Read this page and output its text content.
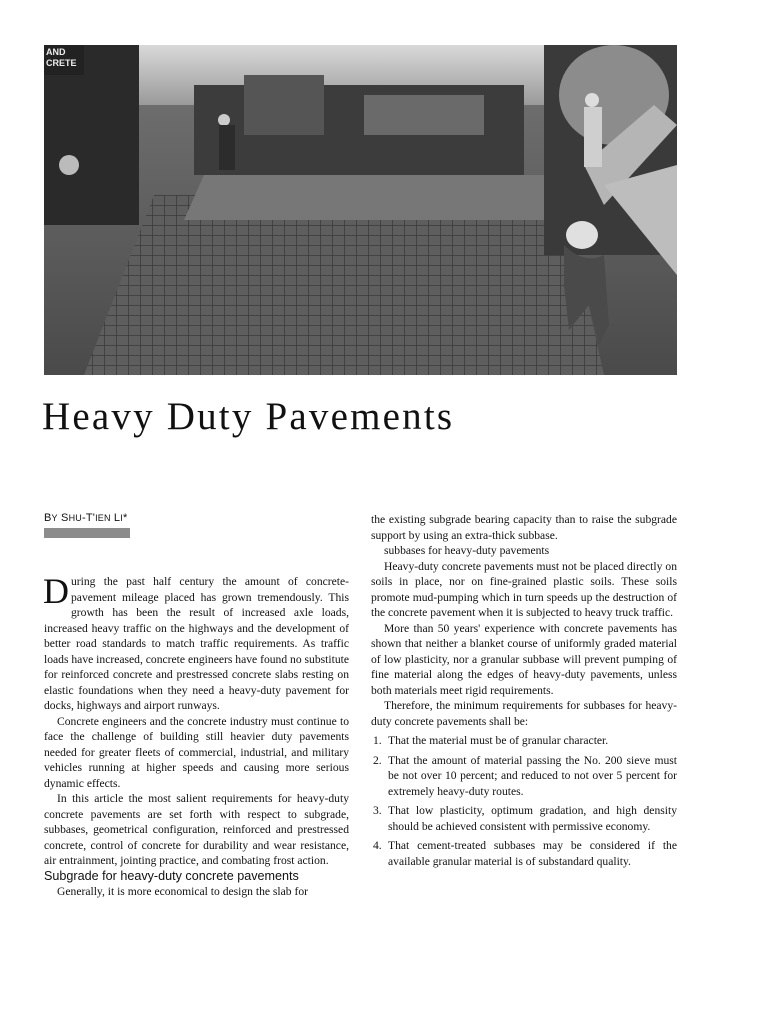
AND
CRETE
Heavy Duty Pavements
BY SHU-T'IEN LI*

During the past half century the amount of concrete-pavement mileage placed has grown tremendously. This growth has been the result of increased axle loads, increased heavy traffic on the highways and the development of better road standards to match traffic requirements. As traffic loads have increased, concrete engineers have found no substitute for reinforced concrete and prestressed concrete slabs resting on elastic foundations when they need a heavy-duty pavement for docks, highways and airport runways.

Concrete engineers and the concrete industry must continue to face the challenge of building still heavier duty pavements needed for greater fleets of commercial, industrial, and military vehicles running at higher speeds and causing more serious dynamic effects.

In this article the most salient requirements for heavy-duty concrete pavements are set forth with respect to subgrade, subbases, geometrical configuration, reinforced and prestressed concrete, control of concrete for durability and wear resistance, air entrainment, jointing practice, and combating frost action.

Subgrade for heavy-duty concrete pavements

Generally, it is more economical to design the slab for

the existing subgrade bearing capacity than to raise the subgrade support by using an extra-thick subbase.

subbases for heavy-duty pavements

Heavy-duty concrete pavements must not be placed directly on soils in place, nor on fine-grained plastic soils. These soils promote mud-pumping which in turn speeds up the destruction of the concrete pavement when it is subjected to heavy truck traffic.

More than 50 years' experience with concrete pavements has shown that neither a blanket course of uniformly graded material of low plasticity, nor a granular subbase will prevent pumping of fine material along the edges of heavy-duty pavements, unless both materials meet rigid requirements.

Therefore, the minimum requirements for subbases for heavy-duty concrete pavements shall be:

1. That the material must be of granular character.
2. That the amount of material passing the No. 200 sieve must be not over 10 percent; and reduced to not over 5 percent for extremely heavy-duty routes.
3. That low plasticity, optimum gradation, and high density should be achieved consistent with permissive economy.
4. That cement-treated subbases may be considered if the available granular material is of substandard quality.
